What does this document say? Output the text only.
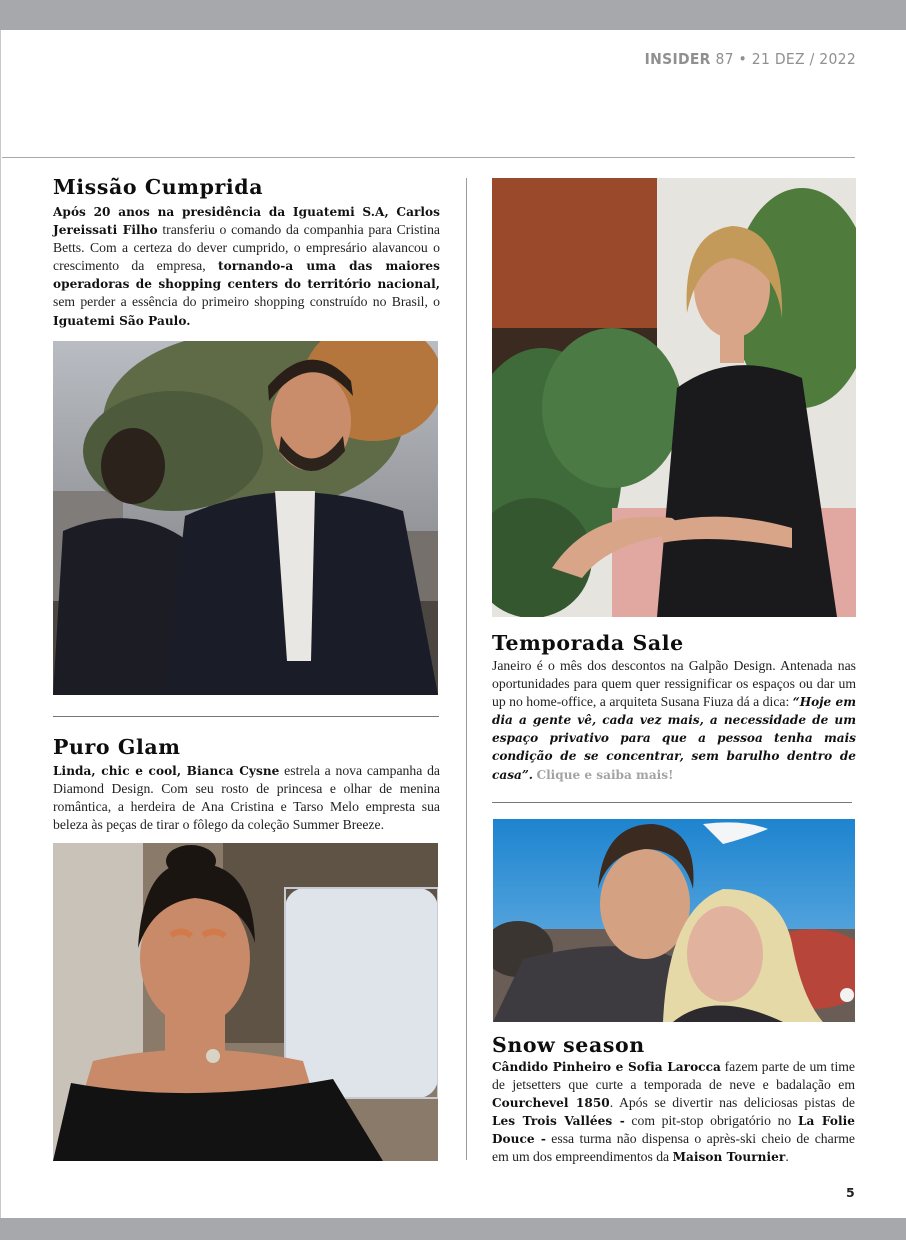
INSIDER 87 • 21 DEZ / 2022
Missão Cumprida
Após 20 anos na presidência da Iguatemi S.A, Carlos Jereissati Filho transferiu o comando da companhia para Cristina Betts. Com a certeza do dever cumprido, o empresário alavancou o crescimento da empresa, tornando-a uma das maiores operadoras de shopping centers do território nacional, sem perder a essência do primeiro shopping construído no Brasil, o Iguatemi São Paulo.
Puro Glam
Linda, chic e cool, Bianca Cysne estrela a nova campanha da Diamond Design. Com seu rosto de princesa e olhar de menina romântica, a herdeira de Ana Cristina e Tarso Melo empresta sua beleza às peças de tirar o fôlego da coleção Summer Breeze.
Temporada Sale
Janeiro é o mês dos descontos na Galpão Design. Antenada nas oportunidades para quem quer ressignificar os espaços ou dar um up no home-office, a arquiteta Susana Fiuza dá a dica: “Hoje em dia a gente vê, cada vez mais, a necessidade de um espaço privativo para que a pessoa tenha mais condição de se concentrar, sem barulho dentro de casa”. Clique e saiba mais!
Snow season
Cândido Pinheiro e Sofia Larocca fazem parte de um time de jetsetters que curte a temporada de neve e badalação em Courchevel 1850. Após se divertir nas deliciosas pistas de Les Trois Vallées - com pit-stop obrigatório no La Folie Douce - essa turma não dispensa o après-ski cheio de charme em um dos empreendimentos da Maison Tournier.
5
